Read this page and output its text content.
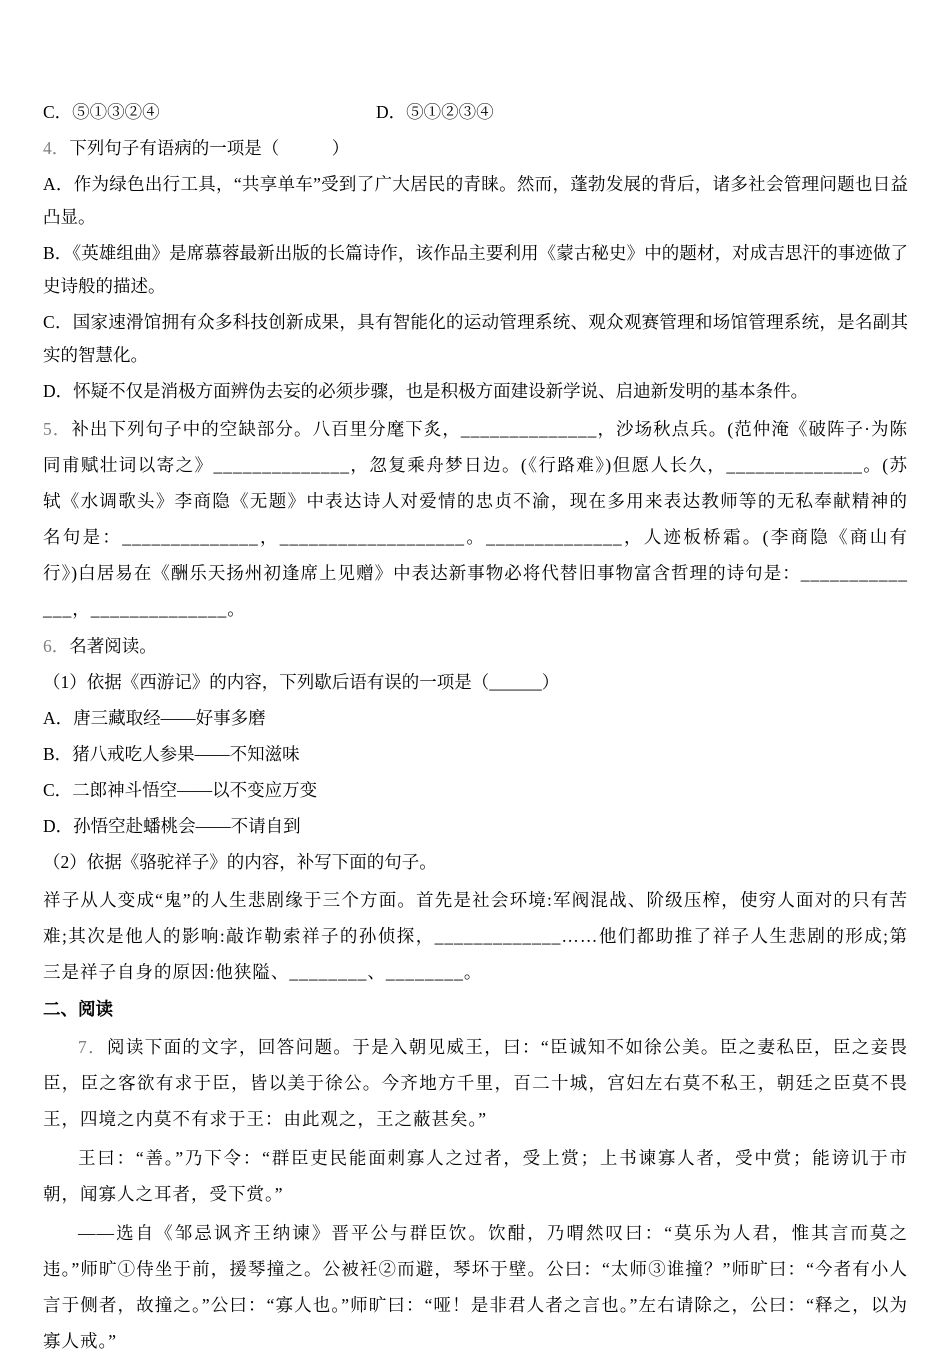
C．⑤①③②④	D．⑤①②③④
4．下列句子有语病的一项是（　　　）
A．作为绿色出行工具，“共享单车”受到了广大居民的青睐。然而，蓬勃发展的背后，诸多社会管理问题也日益凸显。
B．《英雄组曲》是席慕蓉最新出版的长篇诗作，该作品主要利用《蒙古秘史》中的题材，对成吉思汗的事迹做了史诗般的描述。
C．国家速滑馆拥有众多科技创新成果，具有智能化的运动管理系统、观众观赛管理和场馆管理系统，是名副其实的智慧化。
D．怀疑不仅是消极方面辨伪去妄的必须步骤，也是积极方面建设新学说、启迪新发明的基本条件。
5．补出下列句子中的空缺部分。八百里分麾下炙，______________，沙场秋点兵。(范仲淹《破阵子·为陈同甫赋壮词以寄之》______________，忽复乘舟梦日边。(《行路难》)但愿人长久，______________。(苏轼《水调歌头》李商隐《无题》中表达诗人对爱情的忠贞不渝，现在多用来表达教师等的无私奉献精神的名句是：______________，___________________。______________，人迹板桥霜。(李商隐《商山有行》)白居易在《酬乐天扬州初逢席上见赠》中表达新事物必将代替旧事物富含哲理的诗句是：______________，______________。
6．名著阅读。
（1）依据《西游记》的内容，下列歇后语有误的一项是（______）
A．唐三藏取经——好事多磨
B．猪八戒吃人参果——不知滋味
C．二郎神斗悟空——以不变应万变
D．孙悟空赴蟠桃会——不请自到
（2）依据《骆驼祥子》的内容，补写下面的句子。
祥子从人变成“鬼”的人生悲剧缘于三个方面。首先是社会环境:军阀混战、阶级压榨，使穷人面对的只有苦难;其次是他人的影响:敲诈勒索祥子的孙侦探，_____________……他们都助推了祥子人生悲剧的形成;第三是祥子自身的原因:他狭隘、________、________。
二、阅读
7．阅读下面的文字，回答问题。于是入朝见威王，曰：“臣诚知不如徐公美。臣之妻私臣，臣之妾畏臣，臣之客欲有求于臣，皆以美于徐公。今齐地方千里，百二十城，宫妇左右莫不私王，朝廷之臣莫不畏王，四境之内莫不有求于王：由此观之，王之蔽甚矣。”
王曰：“善。”乃下令：“群臣吏民能面刺寡人之过者，受上赏；上书谏寡人者，受中赏；能谤讥于市朝，闻寡人之耳者，受下赏。”
——选自《邹忌讽齐王纳谏》晋平公与群臣饮。饮酣，乃喟然叹曰：“莫乐为人君，惟其言而莫之违。”师旷①侍坐于前，援琴撞之。公被衽②而避，琴坏于壁。公曰：“太师③谁撞？”师旷曰：“今者有小人言于侧者，故撞之。”公曰：“寡人也。”师旷曰：“哑！是非君人者之言也。”左右请除之，公曰：“释之，以为寡人戒。”
